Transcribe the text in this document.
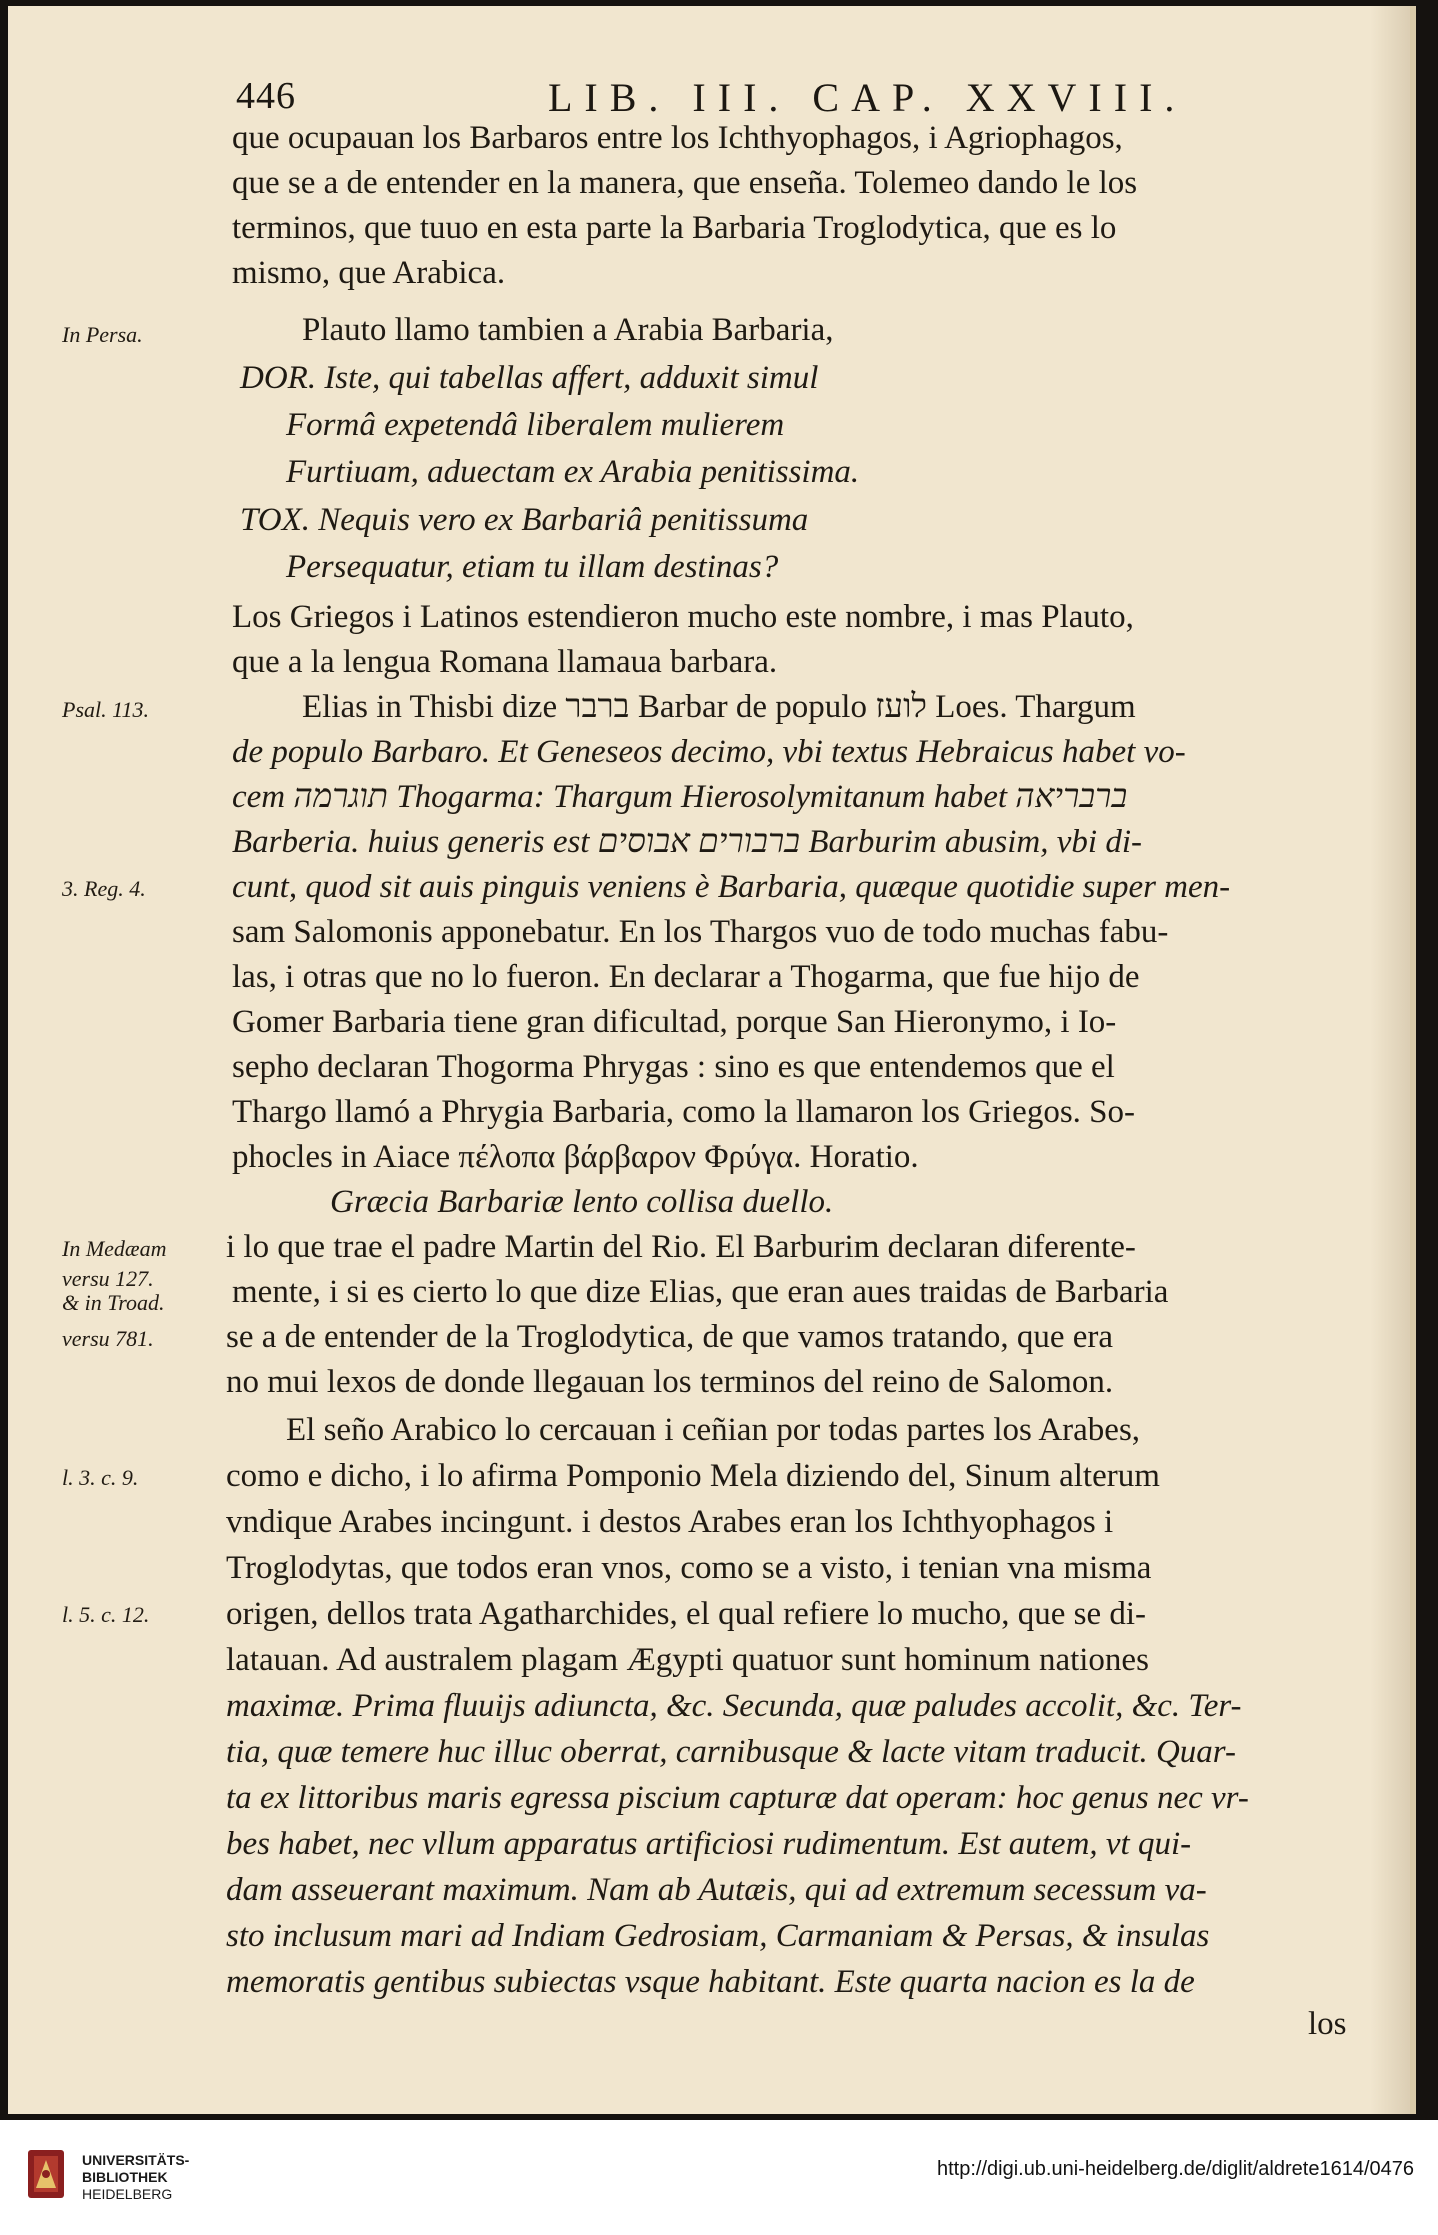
446	LIB. III. CAP. XXVIII.
que ocupauan los Barbaros entre los Ichthyophagos, i Agriophagos,
que se a de entender en la manera, que enseña. Tolemeo dando le los
terminos, que tuuo en esta parte la Barbaria Troglodytica, que es lo
mismo, que Arabica.
Plauto llamo tambien a Arabia Barbaria,
DOR. Iste, qui tabellas affert, adduxit simul
Formâ expetendâ liberalem mulierem
Furtiuam, aduectam ex Arabia penitissima.
TOX. Nequis vero ex Barbariâ penitissuma
Persequatur, etiam tu illam destinas?
Los Griegos i Latinos estendieron mucho este nombre, i mas Plauto,
que a la lengua Romana llamaua barbara.
Elias in Thisbi dize ברבר Barbar de populo לועז Loes. Thargum
de populo Barbaro. Et Geneseos decimo, vbi textus Hebraicus habet vo-
cem תוגרמה Thogarma: Thargum Hierosolymitanum habet ברבריאה
Barberia. huius generis est ברבורים אבוסים Barburim abusim, vbi di-
cunt, quod sit auis pinguis veniens è Barbaria, quæque quotidie super men-
sam Salomonis apponebatur. En los Thargos vuo de todo muchas fabu-
las, i otras que no lo fueron. En declarar a Thogarma, que fue hijo de
Gomer Barbaria tiene gran dificultad, porque San Hieronymo, i Io-
sepho declaran Thogorma Phrygas : sino es que entendemos que el
Thargo llamó a Phrygia Barbaria, como la llamaron los Griegos. So-
phocles in Aiace πέλοπα βάρβαρον Φρύγα. Horatio.
Græcia Barbariæ lento collisa duello.
i lo que trae el padre Martin del Rio. El Barburim declaran diferente-
mente, i si es cierto lo que dize Elias, que eran aues traidas de Barbaria
se a de entender de la Troglodytica, de que vamos tratando, que era
no mui lexos de donde llegauan los terminos del reino de Salomon.
El seño Arabico lo cercauan i ceñian por todas partes los Arabes,
como e dicho, i lo afirma Pomponio Mela diziendo del, Sinum alterum
vndique Arabes incingunt. i destos Arabes eran los Ichthyophagos i
Troglodytas, que todos eran vnos, como se a visto, i tenian vna misma
origen, dellos trata Agatharchides, el qual refiere lo mucho, que se di-
latauan. Ad australem plagam Ægypti quatuor sunt hominum nationes
maximæ. Prima fluuijs adiuncta, &c. Secunda, quæ paludes accolit, &c. Ter-
tia, quæ temere huc illuc oberrat, carnibusque & lacte vitam traducit. Quar-
ta ex littoribus maris egressa piscium capturæ dat operam: hoc genus nec vr-
bes habet, nec vllum apparatus artificiosi rudimentum. Est autem, vt qui-
dam asseuerant maximum. Nam ab Autæis, qui ad extremum secessum va-
sto inclusum mari ad Indiam Gedrosiam, Carmaniam & Persas, & insulas
memoratis gentibus subiectas vsque habitant. Este quarta nacion es la de
los
In Persa.
Psal. 113.
3. Reg. 4.
In Medæam
versu 127.
& in Troad.
versu 781.
l. 3. c. 9.
l. 5. c. 12.
UNIVERSITÄTS-
BIBLIOTHEK
HEIDELBERG
http://digi.ub.uni-heidelberg.de/diglit/aldrete1614/0476
